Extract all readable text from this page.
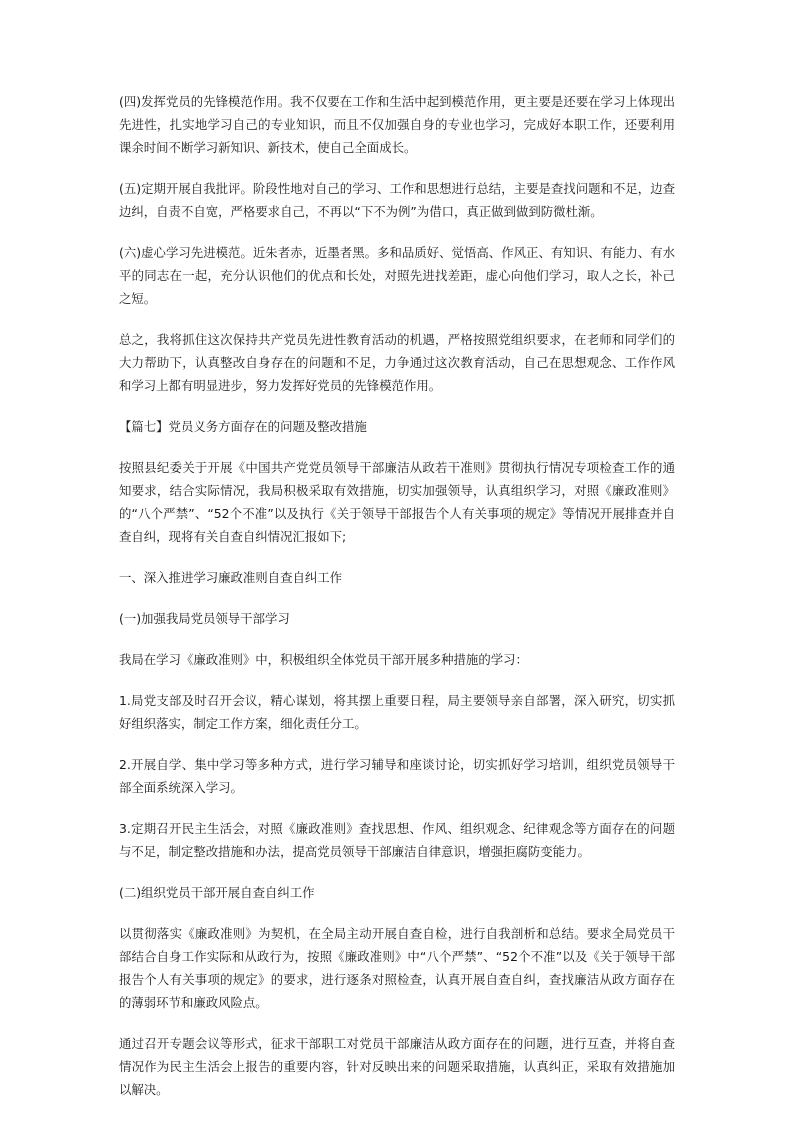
(四)发挥党员的先锋模范作用。我不仅要在工作和生活中起到模范作用，更主要是还要在学习上体现出先进性，扎实地学习自己的专业知识，而且不仅加强自身的专业也学习，完成好本职工作，还要利用课余时间不断学习新知识、新技术，使自己全面成长。

(五)定期开展自我批评。阶段性地对自己的学习、工作和思想进行总结，主要是查找问题和不足，边查边纠，自责不自宽，严格要求自己，不再以“下不为例”为借口，真正做到做到防微杜渐。

(六)虚心学习先进模范。近朱者赤，近墨者黑。多和品质好、觉悟高、作风正、有知识、有能力、有水平的同志在一起，充分认识他们的优点和长处，对照先进找差距，虚心向他们学习，取人之长，补己之短。

总之，我将抓住这次保持共产党员先进性教育活动的机遇，严格按照党组织要求，在老师和同学们的大力帮助下，认真整改自身存在的问题和不足，力争通过这次教育活动，自己在思想观念、工作作风和学习上都有明显进步，努力发挥好党员的先锋模范作用。

【篇七】党员义务方面存在的问题及整改措施

按照县纪委关于开展《中国共产党党员领导干部廉洁从政若干准则》贯彻执行情况专项检查工作的通知要求，结合实际情况，我局积极采取有效措施，切实加强领导，认真组织学习，对照《廉政准则》的“八个严禁”、“52个不准”以及执行《关于领导干部报告个人有关事项的规定》等情况开展排查并自查自纠，现将有关自查自纠情况汇报如下;

一、深入推进学习廉政准则自查自纠工作

(一)加强我局党员领导干部学习

我局在学习《廉政准则》中，积极组织全体党员干部开展多种措施的学习：

1.局党支部及时召开会议，精心谋划，将其摆上重要日程，局主要领导亲自部署，深入研究，切实抓好组织落实，制定工作方案，细化责任分工。

2.开展自学、集中学习等多种方式，进行学习辅导和座谈讨论，切实抓好学习培训，组织党员领导干部全面系统深入学习。

3.定期召开民主生活会，对照《廉政准则》查找思想、作风、组织观念、纪律观念等方面存在的问题与不足，制定整改措施和办法，提高党员领导干部廉洁自律意识，增强拒腐防变能力。

(二)组织党员干部开展自查自纠工作

以贯彻落实《廉政准则》为契机，在全局主动开展自查自检，进行自我剖析和总结。要求全局党员干部结合自身工作实际和从政行为，按照《廉政准则》中“八个严禁”、“52个不准”以及《关于领导干部报告个人有关事项的规定》的要求，进行逐条对照检查，认真开展自查自纠，查找廉洁从政方面存在的薄弱环节和廉政风险点。

通过召开专题会议等形式，征求干部职工对党员干部廉洁从政方面存在的问题，进行互查，并将自查情况作为民主生活会上报告的重要内容，针对反映出来的问题采取措施，认真纠正，采取有效措施加以解决。
